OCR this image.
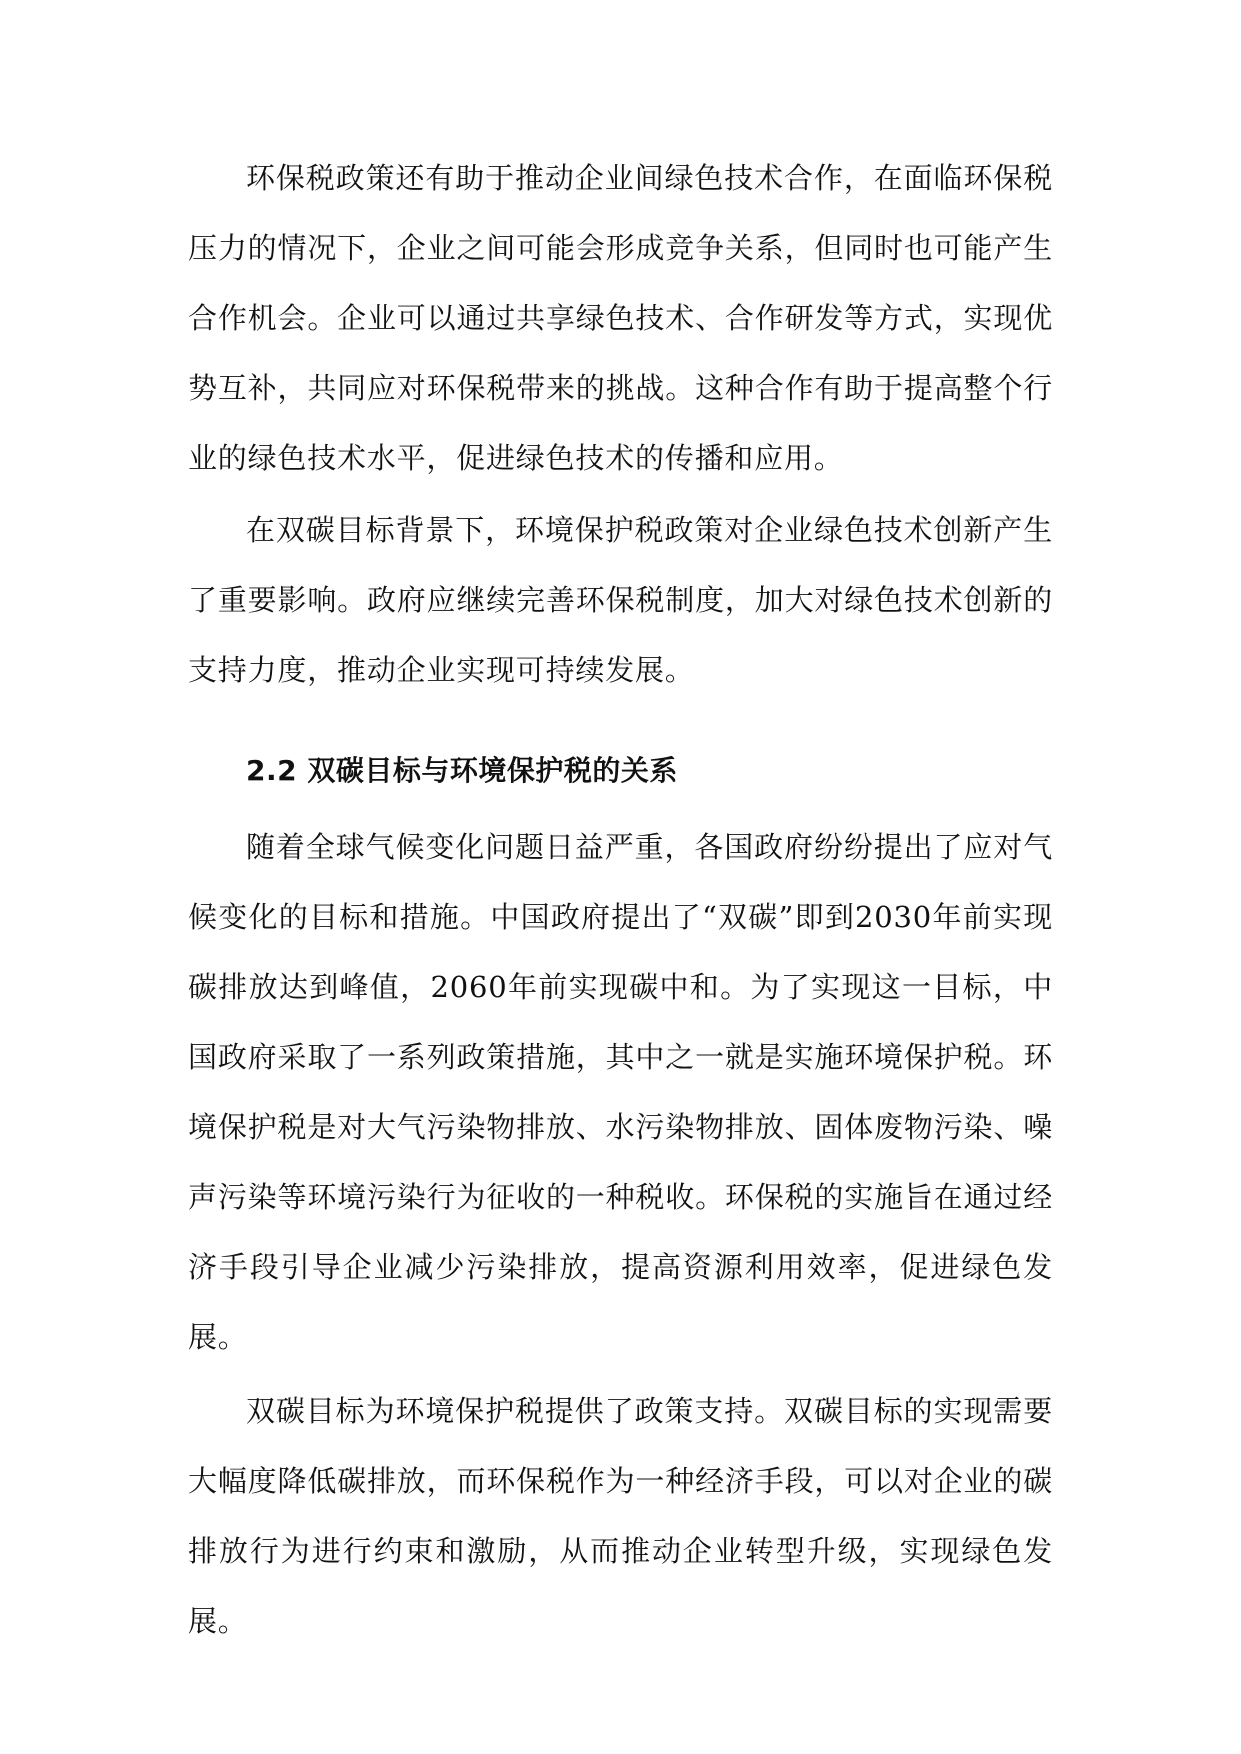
环保税政策还有助于推动企业间绿色技术合作，在面临环保税压力的情况下，企业之间可能会形成竞争关系，但同时也可能产生合作机会。企业可以通过共享绿色技术、合作研发等方式，实现优势互补，共同应对环保税带来的挑战。这种合作有助于提高整个行业的绿色技术水平，促进绿色技术的传播和应用。

在双碳目标背景下，环境保护税政策对企业绿色技术创新产生了重要影响。政府应继续完善环保税制度，加大对绿色技术创新的支持力度，推动企业实现可持续发展。

2.2 双碳目标与环境保护税的关系

随着全球气候变化问题日益严重，各国政府纷纷提出了应对气候变化的目标和措施。中国政府提出了“双碳”即到2030年前实现碳排放达到峰值，2060年前实现碳中和。为了实现这一目标，中国政府采取了一系列政策措施，其中之一就是实施环境保护税。环境保护税是对大气污染物排放、水污染物排放、固体废物污染、噪声污染等环境污染行为征收的一种税收。环保税的实施旨在通过经济手段引导企业减少污染排放，提高资源利用效率，促进绿色发展。

双碳目标为环境保护税提供了政策支持。双碳目标的实现需要大幅度降低碳排放，而环保税作为一种经济手段，可以对企业的碳排放行为进行约束和激励，从而推动企业转型升级，实现绿色发展。
